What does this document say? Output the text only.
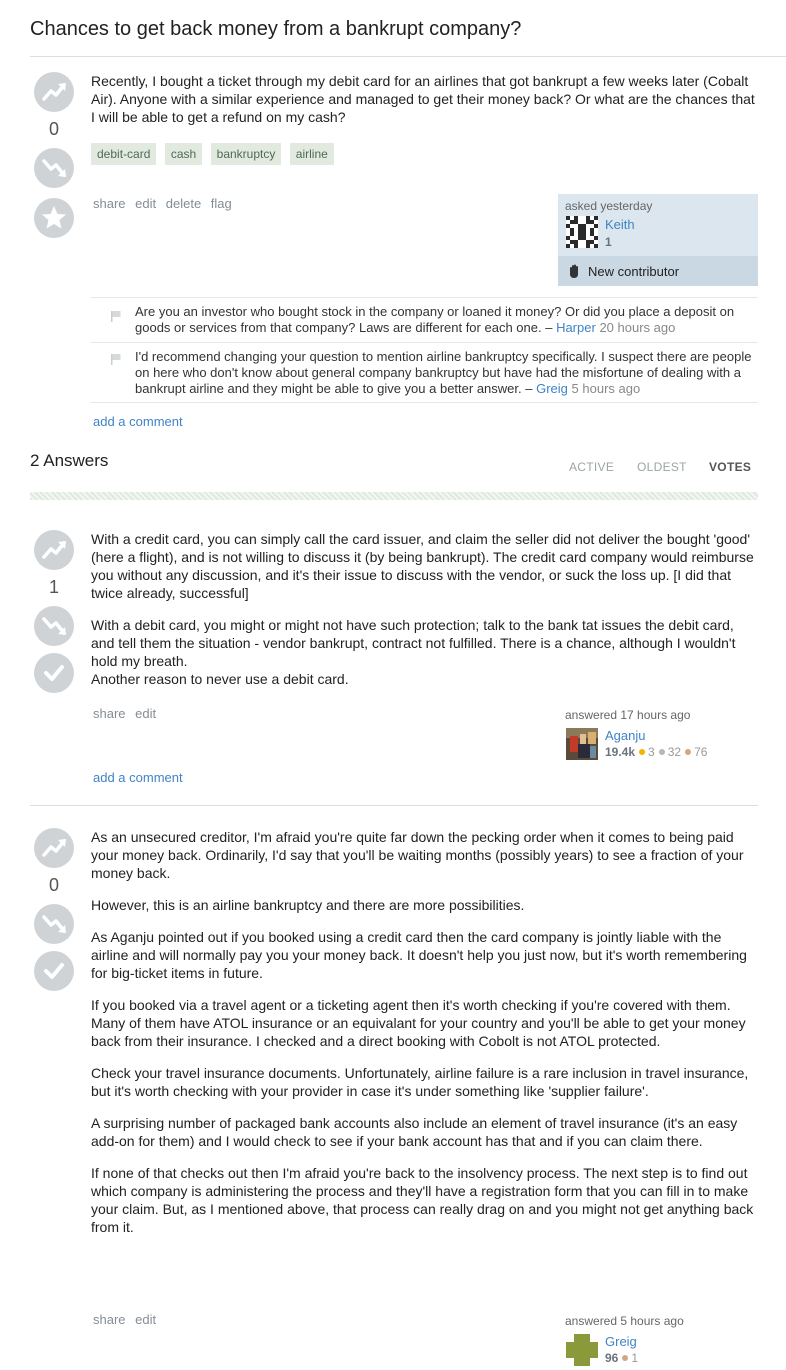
Chances to get back money from a bankrupt company?
0
Recently, I bought a ticket through my debit card for an airlines that got bankrupt a few weeks later (Cobalt Air). Anyone with a similar experience and managed to get their money back? Or what are the chances that I will be able to get a refund on my cash?
debit-card cash bankruptcy airline
share edit delete flag	asked yesterday
Keith
1
New contributor
Are you an investor who bought stock in the company or loaned it money? Or did you place a deposit on goods or services from that company? Laws are different for each one. – Harper 20 hours ago
I'd recommend changing your question to mention airline bankruptcy specifically. I suspect there are people on here who don't know about general company bankruptcy but have had the misfortune of dealing with a bankrupt airline and they might be able to give you a better answer. – Greig 5 hours ago
add a comment
2 Answers	ACTIVE OLDEST VOTES
1

With a credit card, you can simply call the card issuer, and claim the seller did not deliver the bought 'good' (here a flight), and is not willing to discuss it (by being bankrupt). The credit card company would reimburse you without any discussion, and it's their issue to discuss with the vendor, or suck the loss up. [I did that twice already, successful]

With a debit card, you might or might not have such protection; talk to the bank tat issues the debit card, and tell them the situation - vendor bankrupt, contract not fulfilled. There is a chance, although I wouldn't hold my breath.

Another reason to never use a debit card.

share edit	answered 17 hours ago
Aganju
19.4k 3 32 76
add a comment
0

As an unsecured creditor, I'm afraid you're quite far down the pecking order when it comes to being paid your money back. Ordinarily, I'd say that you'll be waiting months (possibly years) to see a fraction of your money back.

However, this is an airline bankruptcy and there are more possibilities.

As Aganju pointed out if you booked using a credit card then the card company is jointly liable with the airline and will normally pay you your money back. It doesn't help you just now, but it's worth remembering for big-ticket items in future.

If you booked via a travel agent or a ticketing agent then it's worth checking if you're covered with them. Many of them have ATOL insurance or an equivalant for your country and you'll be able to get your money back from their insurance. I checked and a direct booking with Cobolt is not ATOL protected.

Check your travel insurance documents. Unfortunately, airline failure is a rare inclusion in travel insurance, but it's worth checking with your provider in case it's under something like 'supplier failure'.

A surprising number of packaged bank accounts also include an element of travel insurance (it's an easy add-on for them) and I would check to see if your bank account has that and if you can claim there.

If none of that checks out then I'm afraid you're back to the insolvency process. The next step is to find out which company is administering the process and they'll have a registration form that you can fill in to make your claim. But, as I mentioned above, that process can really drag on and you might not get anything back from it.

share edit	answered 5 hours ago
Greig
96 1
